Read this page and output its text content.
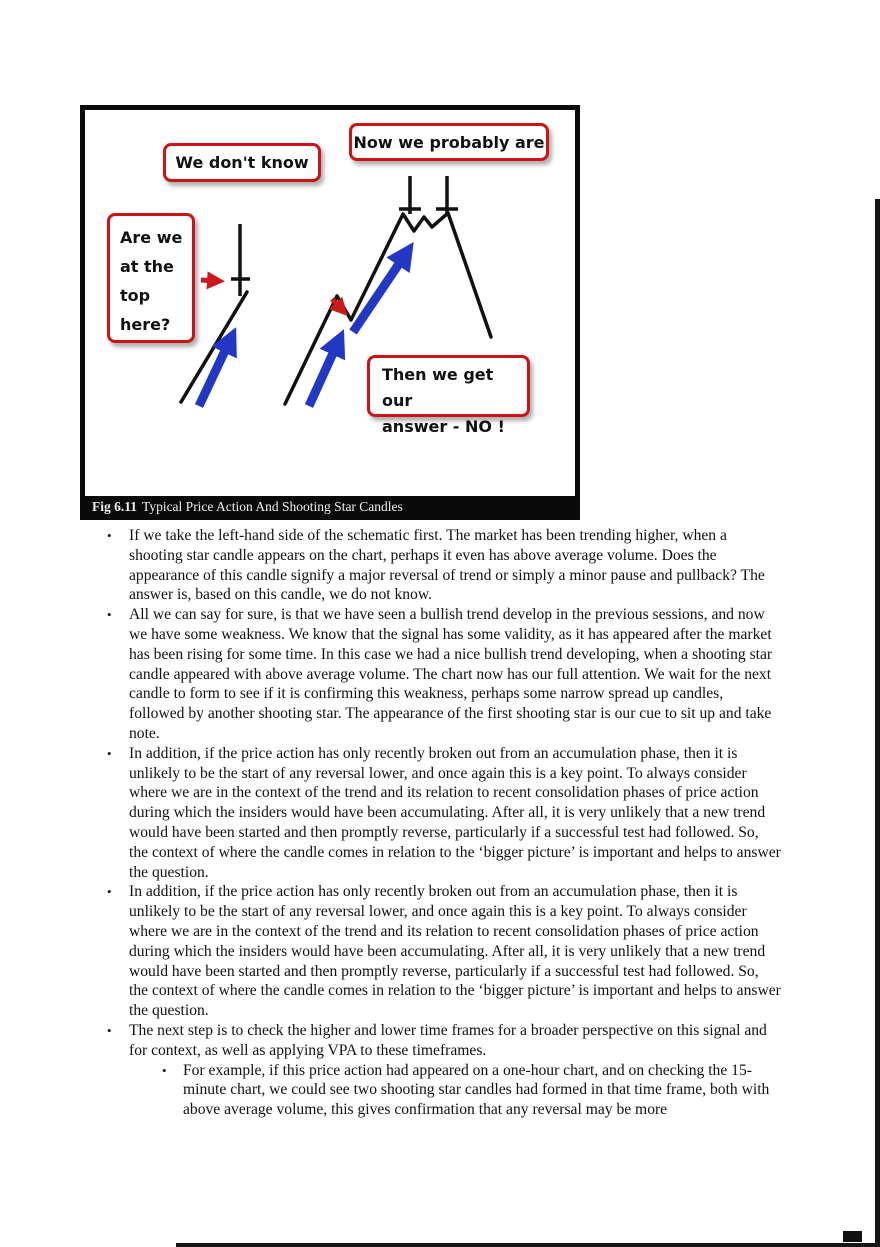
We don't know
Now we probably are
Are we
at the
top
here?
Then we get our
answer - NO !
Fig 6.11 Typical Price Action And Shooting Star Candles
•	If we take the left-hand side of the schematic first. The market has been trending higher, when a shooting star candle appears on the chart, perhaps it even has above average volume. Does the appearance of this candle signify a major reversal of trend or simply a minor pause and pullback? The answer is, based on this candle, we do not know.
•	All we can say for sure, is that we have seen a bullish trend develop in the previous sessions, and now we have some weakness. We know that the signal has some validity, as it has appeared after the market has been rising for some time. In this case we had a nice bullish trend developing, when a shooting star candle appeared with above average volume. The chart now has our full attention. We wait for the next candle to form to see if it is confirming this weakness, perhaps some narrow spread up candles, followed by another shooting star. The appearance of the first shooting star is our cue to sit up and take note.
•	In addition, if the price action has only recently broken out from an accumulation phase, then it is unlikely to be the start of any reversal lower, and once again this is a key point. To always consider where we are in the context of the trend and its relation to recent consolidation phases of price action during which the insiders would have been accumulating. After all, it is very unlikely that a new trend would have been started and then promptly reverse, particularly if a successful test had followed. So, the context of where the candle comes in relation to the ‘bigger picture’ is important and helps to answer the question.
•	In addition, if the price action has only recently broken out from an accumulation phase, then it is unlikely to be the start of any reversal lower, and once again this is a key point. To always consider where we are in the context of the trend and its relation to recent consolidation phases of price action during which the insiders would have been accumulating. After all, it is very unlikely that a new trend would have been started and then promptly reverse, particularly if a successful test had followed. So, the context of where the candle comes in relation to the ‘bigger picture’ is important and helps to answer the question.
•	The next step is to check the higher and lower time frames for a broader perspective on this signal and for context, as well as applying VPA to these timeframes.
•	For example, if this price action had appeared on a one-hour chart, and on checking the 15-minute chart, we could see two shooting star candles had formed in that time frame, both with above average volume, this gives confirmation that any reversal may be more
